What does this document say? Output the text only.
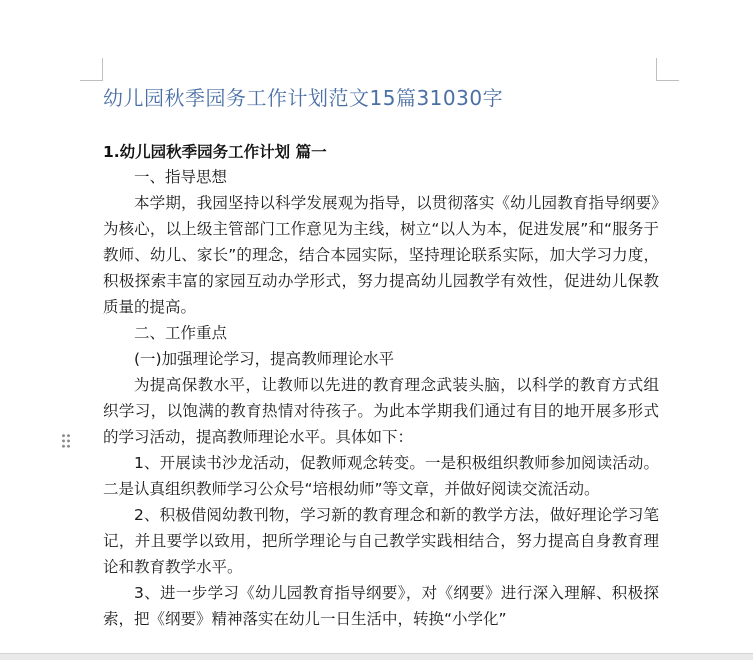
幼儿园秋季园务工作计划范文15篇31030字
1.幼儿园秋季园务工作计划 篇一

一、指导思想

本学期，我园坚持以科学发展观为指导，以贯彻落实《幼儿园教育指导纲要》为核心，以上级主管部门工作意见为主线，树立“以人为本，促进发展”和“服务于教师、幼儿、家长”的理念，结合本园实际，坚持理论联系实际，加大学习力度，积极探索丰富的家园互动办学形式，努力提高幼儿园教学有效性，促进幼儿保教质量的提高。

二、工作重点

(一)加强理论学习，提高教师理论水平

为提高保教水平，让教师以先进的教育理念武装头脑，以科学的教育方式组织学习，以饱满的教育热情对待孩子。为此本学期我们通过有目的地开展多形式的学习活动，提高教师理论水平。具体如下：

1、开展读书沙龙活动，促教师观念转变。一是积极组织教师参加阅读活动。二是认真组织教师学习公众号“培根幼师”等文章，并做好阅读交流活动。

2、积极借阅幼教刊物，学习新的教育理念和新的教学方法，做好理论学习笔记，并且要学以致用，把所学理论与自己教学实践相结合，努力提高自身教育理论和教育教学水平。

3、进一步学习《幼儿园教育指导纲要》，对《纲要》进行深入理解、积极探索，把《纲要》精神落实在幼儿一日生活中，转换“小学化”
